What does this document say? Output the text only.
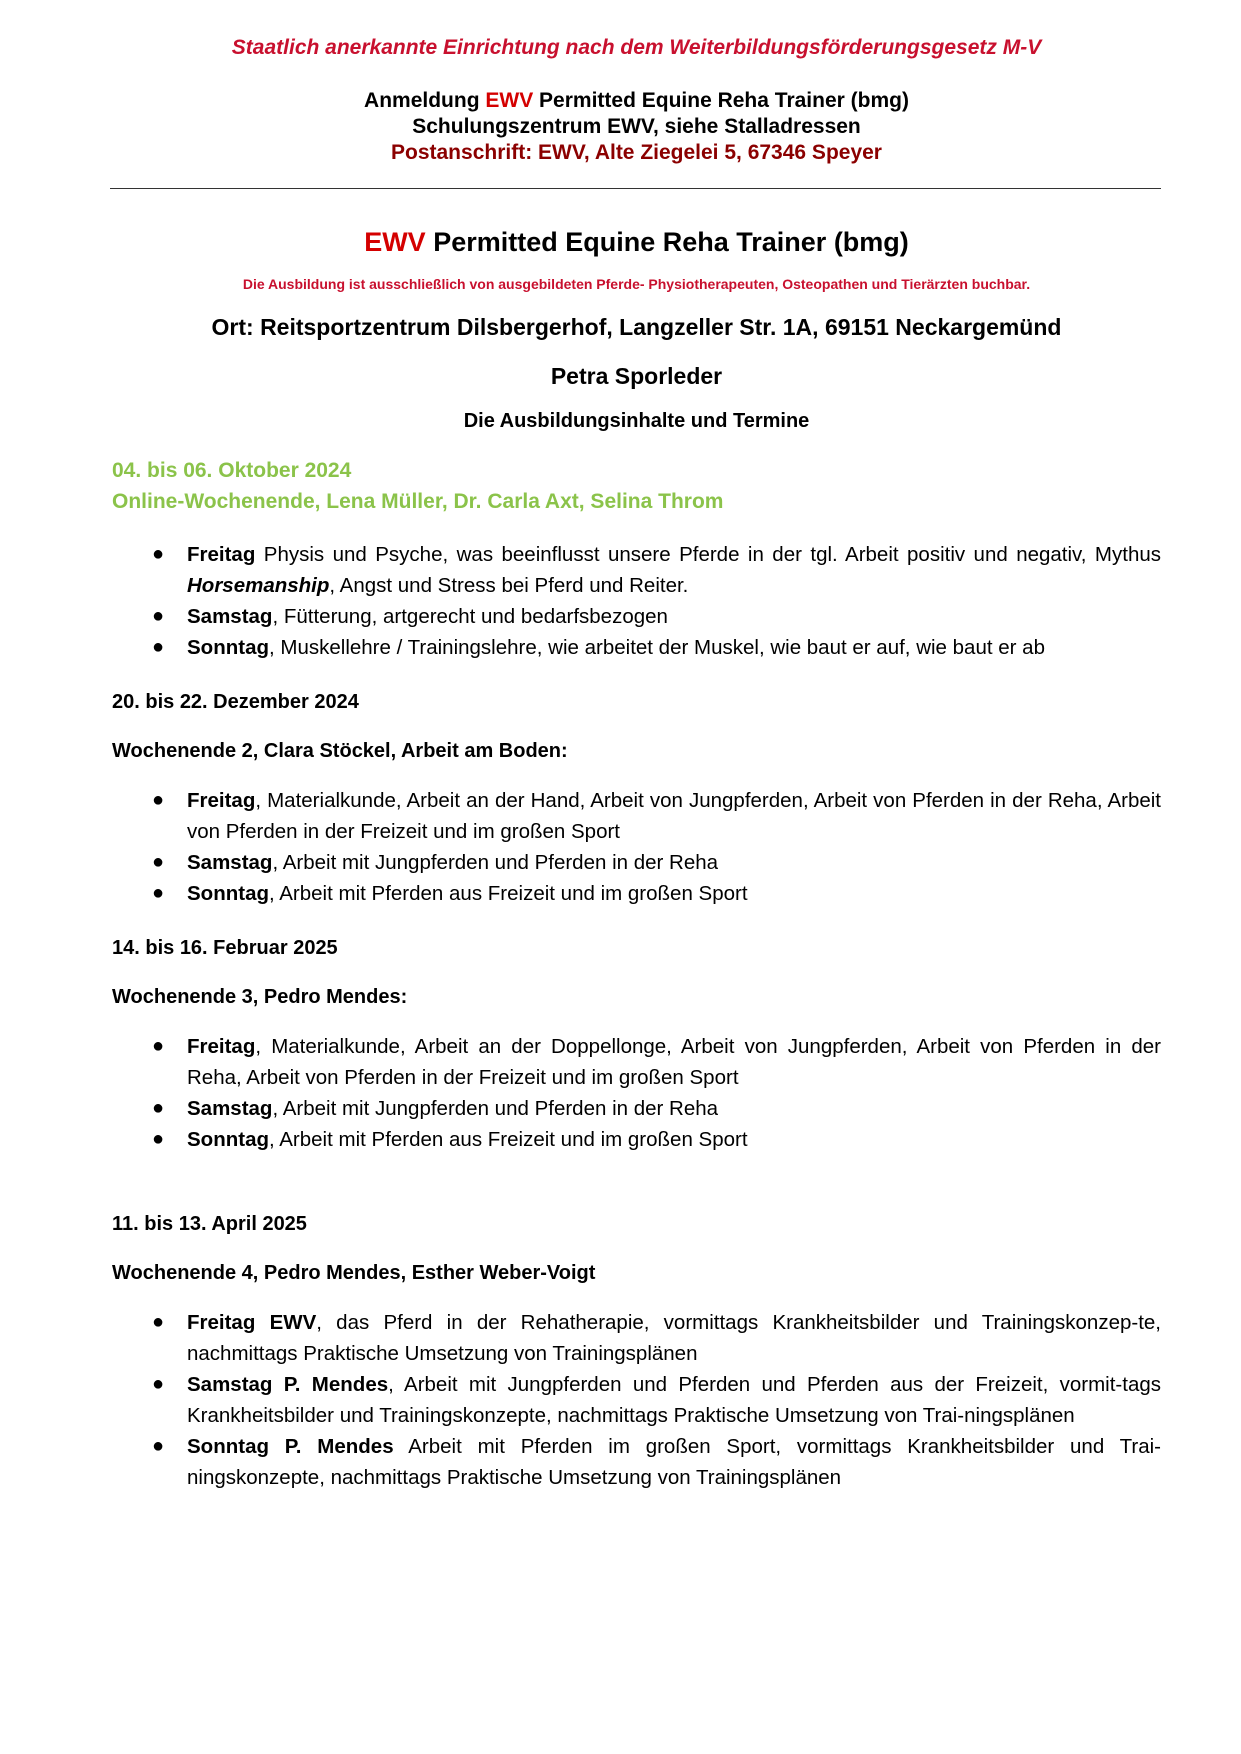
Staatlich anerkannte Einrichtung nach dem Weiterbildungsförderungsgesetz M-V
Anmeldung EWV Permitted Equine Reha Trainer (bmg)
Schulungszentrum EWV, siehe Stalladressen
Postanschrift: EWV, Alte Ziegelei 5, 67346 Speyer
EWV Permitted Equine Reha Trainer (bmg)
Die Ausbildung ist ausschließlich von ausgebildeten Pferde- Physiotherapeuten, Osteopathen und Tierärzten buchbar.
Ort: Reitsportzentrum Dilsbergerhof, Langzeller Str. 1A, 69151 Neckargemünd
Petra Sporleder
Die Ausbildungsinhalte und Termine
04. bis 06. Oktober 2024
Online-Wochenende, Lena Müller, Dr. Carla Axt, Selina Throm
● Freitag Physis und Psyche, was beeinflusst unsere Pferde in der tgl. Arbeit positiv und negativ, Mythus Horsemanship, Angst und Stress bei Pferd und Reiter.
● Samstag, Fütterung, artgerecht und bedarfsbezogen
● Sonntag, Muskellehre / Trainingslehre, wie arbeitet der Muskel, wie baut er auf, wie baut er ab
20. bis 22. Dezember 2024
Wochenende 2, Clara Stöckel, Arbeit am Boden:
● Freitag, Materialkunde, Arbeit an der Hand, Arbeit von Jungpferden, Arbeit von Pferden in der Reha, Arbeit von Pferden in der Freizeit und im großen Sport
● Samstag, Arbeit mit Jungpferden und Pferden in der Reha
● Sonntag, Arbeit mit Pferden aus Freizeit und im großen Sport
14. bis 16. Februar 2025
Wochenende 3, Pedro Mendes:
● Freitag, Materialkunde, Arbeit an der Doppellonge, Arbeit von Jungpferden, Arbeit von Pferden in der Reha, Arbeit von Pferden in der Freizeit und im großen Sport
● Samstag, Arbeit mit Jungpferden und Pferden in der Reha
● Sonntag, Arbeit mit Pferden aus Freizeit und im großen Sport
11. bis 13. April 2025
Wochenende 4, Pedro Mendes, Esther Weber-Voigt
● Freitag EWV, das Pferd in der Rehatherapie, vormittags Krankheitsbilder und Trainingskonzep-te, nachmittags Praktische Umsetzung von Trainingsplänen
● Samstag P. Mendes, Arbeit mit Jungpferden und Pferden und Pferden aus der Freizeit, vormit-tags Krankheitsbilder und Trainingskonzepte, nachmittags Praktische Umsetzung von Trai-ningsplänen
● Sonntag P. Mendes Arbeit mit Pferden im großen Sport, vormittags Krankheitsbilder und Trai-ningskonzepte, nachmittags Praktische Umsetzung von Trainingsplänen
